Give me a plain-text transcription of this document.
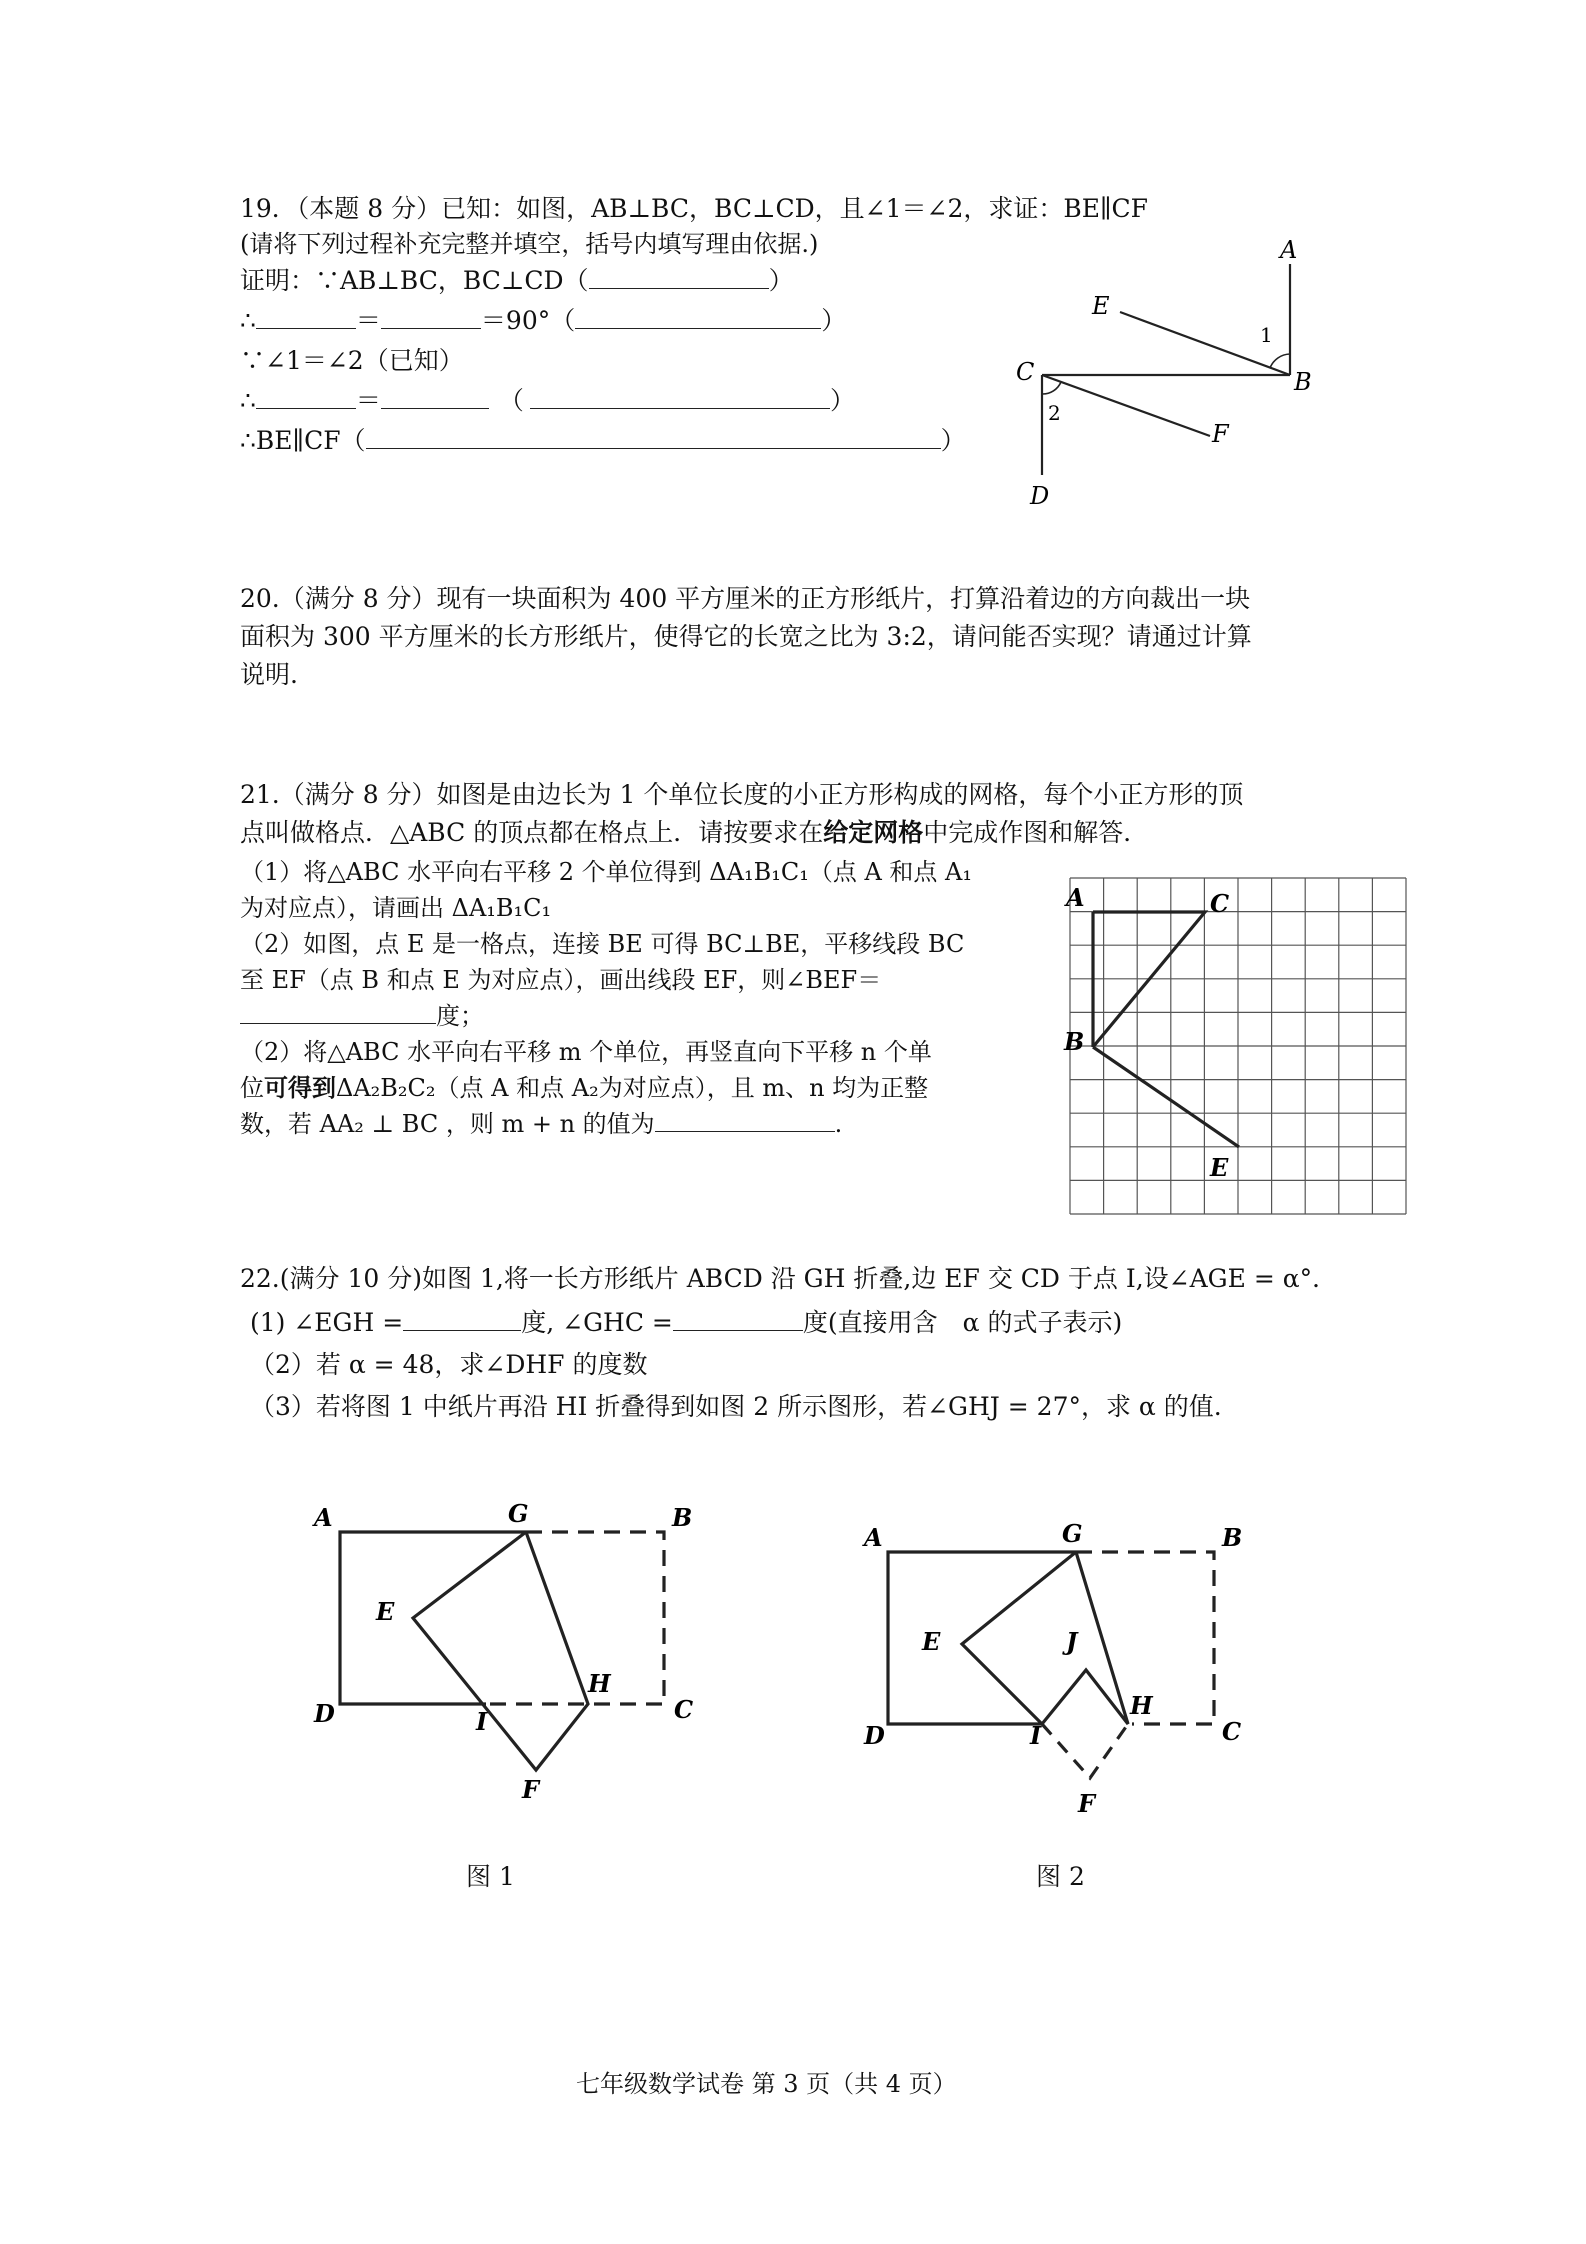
19．（本题 8 分）已知：如图，AB⊥BC，BC⊥CD，且∠1＝∠2，求证：BE∥CF
(请将下列过程补充完整并填空，括号内填写理由依据.)
证明：∵AB⊥BC，BC⊥CD（	）
∴	＝	＝90°（	）
∵∠1＝∠2（已知）
∴	＝	（	）
∴BE∥CF（	）
A
B
C
D
E
F
1
2
20.（满分 8 分）现有一块面积为 400 平方厘米的正方形纸片，打算沿着边的方向裁出一块
面积为 300 平方厘米的长方形纸片，使得它的长宽之比为 3:2，请问能否实现？请通过计算
说明.
21.（满分 8 分）如图是由边长为 1 个单位长度的小正方形构成的网格，每个小正方形的顶
点叫做格点．△ABC 的顶点都在格点上．请按要求在给定网格中完成作图和解答．
（1）将△ABC 水平向右平移 2 个单位得到 ΔA₁B₁C₁（点 A 和点 A₁
为对应点），请画出 ΔA₁B₁C₁
（2）如图，点 E 是一格点，连接 BE 可得 BC⊥BE，平移线段 BC
至 EF（点 B 和点 E 为对应点），画出线段 EF，则∠BEF＝
度；
（2）将△ABC 水平向右平移 m 个单位，再竖直向下平移 n 个单
位可得到ΔA₂B₂C₂（点 A 和点 A₂为对应点），且 m、n 均为正整
数，若 AA₂ ⊥ BC ，则 m + n 的值为	.
A	C
B
E
22.(满分 10 分)如图 1,将一长方形纸片 ABCD 沿 GH 折叠,边 EF 交 CD 于点 I,设∠AGE = α°．
(1) ∠EGH =	度, ∠GHC =	度(直接用含　α 的式子表示)
（2）若 α = 48，求∠DHF 的度数
（3）若将图 1 中纸片再沿 HI 折叠得到如图 2 所示图形，若∠GHJ = 27°，求 α 的值.
A	G	B
E
H
D	I	C
F
A	G	B
E	J
H
D	I	C
F
图 1	图 2
七年级数学试卷 第 3 页（共 4 页）
